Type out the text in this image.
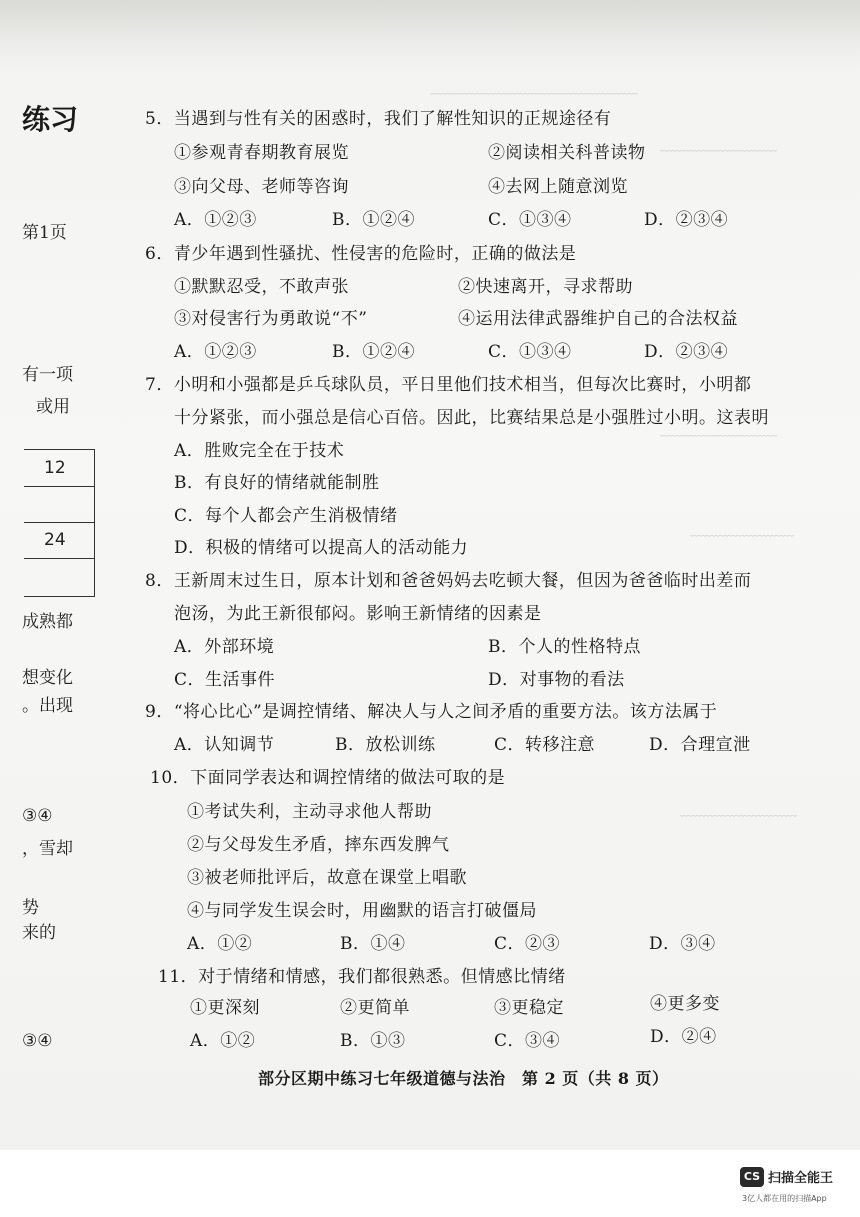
﹏﹏﹏﹏﹏﹏﹏﹏﹏﹏﹏﹏﹏﹏﹏﹏
﹏﹏﹏﹏﹏﹏﹏﹏﹏
﹏﹏﹏﹏﹏﹏﹏﹏﹏
﹏﹏﹏﹏﹏﹏﹏﹏
﹏﹏﹏﹏﹏﹏﹏﹏﹏
练习
第1页
有一项
或用
12
24
成熟都
想变化
。出现
③④
，雪却
势
来的
③④
5．当遇到与性有关的困惑时，我们了解性知识的正规途径有
①参观青春期教育展览	②阅读相关科普读物
③向父母、老师等咨询	④去网上随意浏览
A．①②③	B．①②④	C．①③④	D．②③④
6．青少年遇到性骚扰、性侵害的危险时，正确的做法是
①默默忍受，不敢声张	②快速离开，寻求帮助
③对侵害行为勇敢说“不”	④运用法律武器维护自己的合法权益
A．①②③	B．①②④	C．①③④	D．②③④
7．小明和小强都是乒乓球队员，平日里他们技术相当，但每次比赛时，小明都
十分紧张，而小强总是信心百倍。因此，比赛结果总是小强胜过小明。这表明
A．胜败完全在于技术
B．有良好的情绪就能制胜
C．每个人都会产生消极情绪
D．积极的情绪可以提高人的活动能力
8．王新周末过生日，原本计划和爸爸妈妈去吃顿大餐，但因为爸爸临时出差而
泡汤，为此王新很郁闷。影响王新情绪的因素是
A．外部环境	B．个人的性格特点
C．生活事件	D．对事物的看法
9．“将心比心”是调控情绪、解决人与人之间矛盾的重要方法。该方法属于
A．认知调节	B．放松训练	C．转移注意	D．合理宣泄
10．下面同学表达和调控情绪的做法可取的是
①考试失利，主动寻求他人帮助
②与父母发生矛盾，摔东西发脾气
③被老师批评后，故意在课堂上唱歌
④与同学发生误会时，用幽默的语言打破僵局
A．①②	B．①④	C．②③	D．③④
11．对于情绪和情感，我们都很熟悉。但情感比情绪
①更深刻	②更简单	③更稳定	④更多变
A．①②	B．①③	C．③④	D．②④
部分区期中练习七年级道德与法治　第 2 页（共 8 页）
CS 扫描全能王
3亿人都在用的扫描App
